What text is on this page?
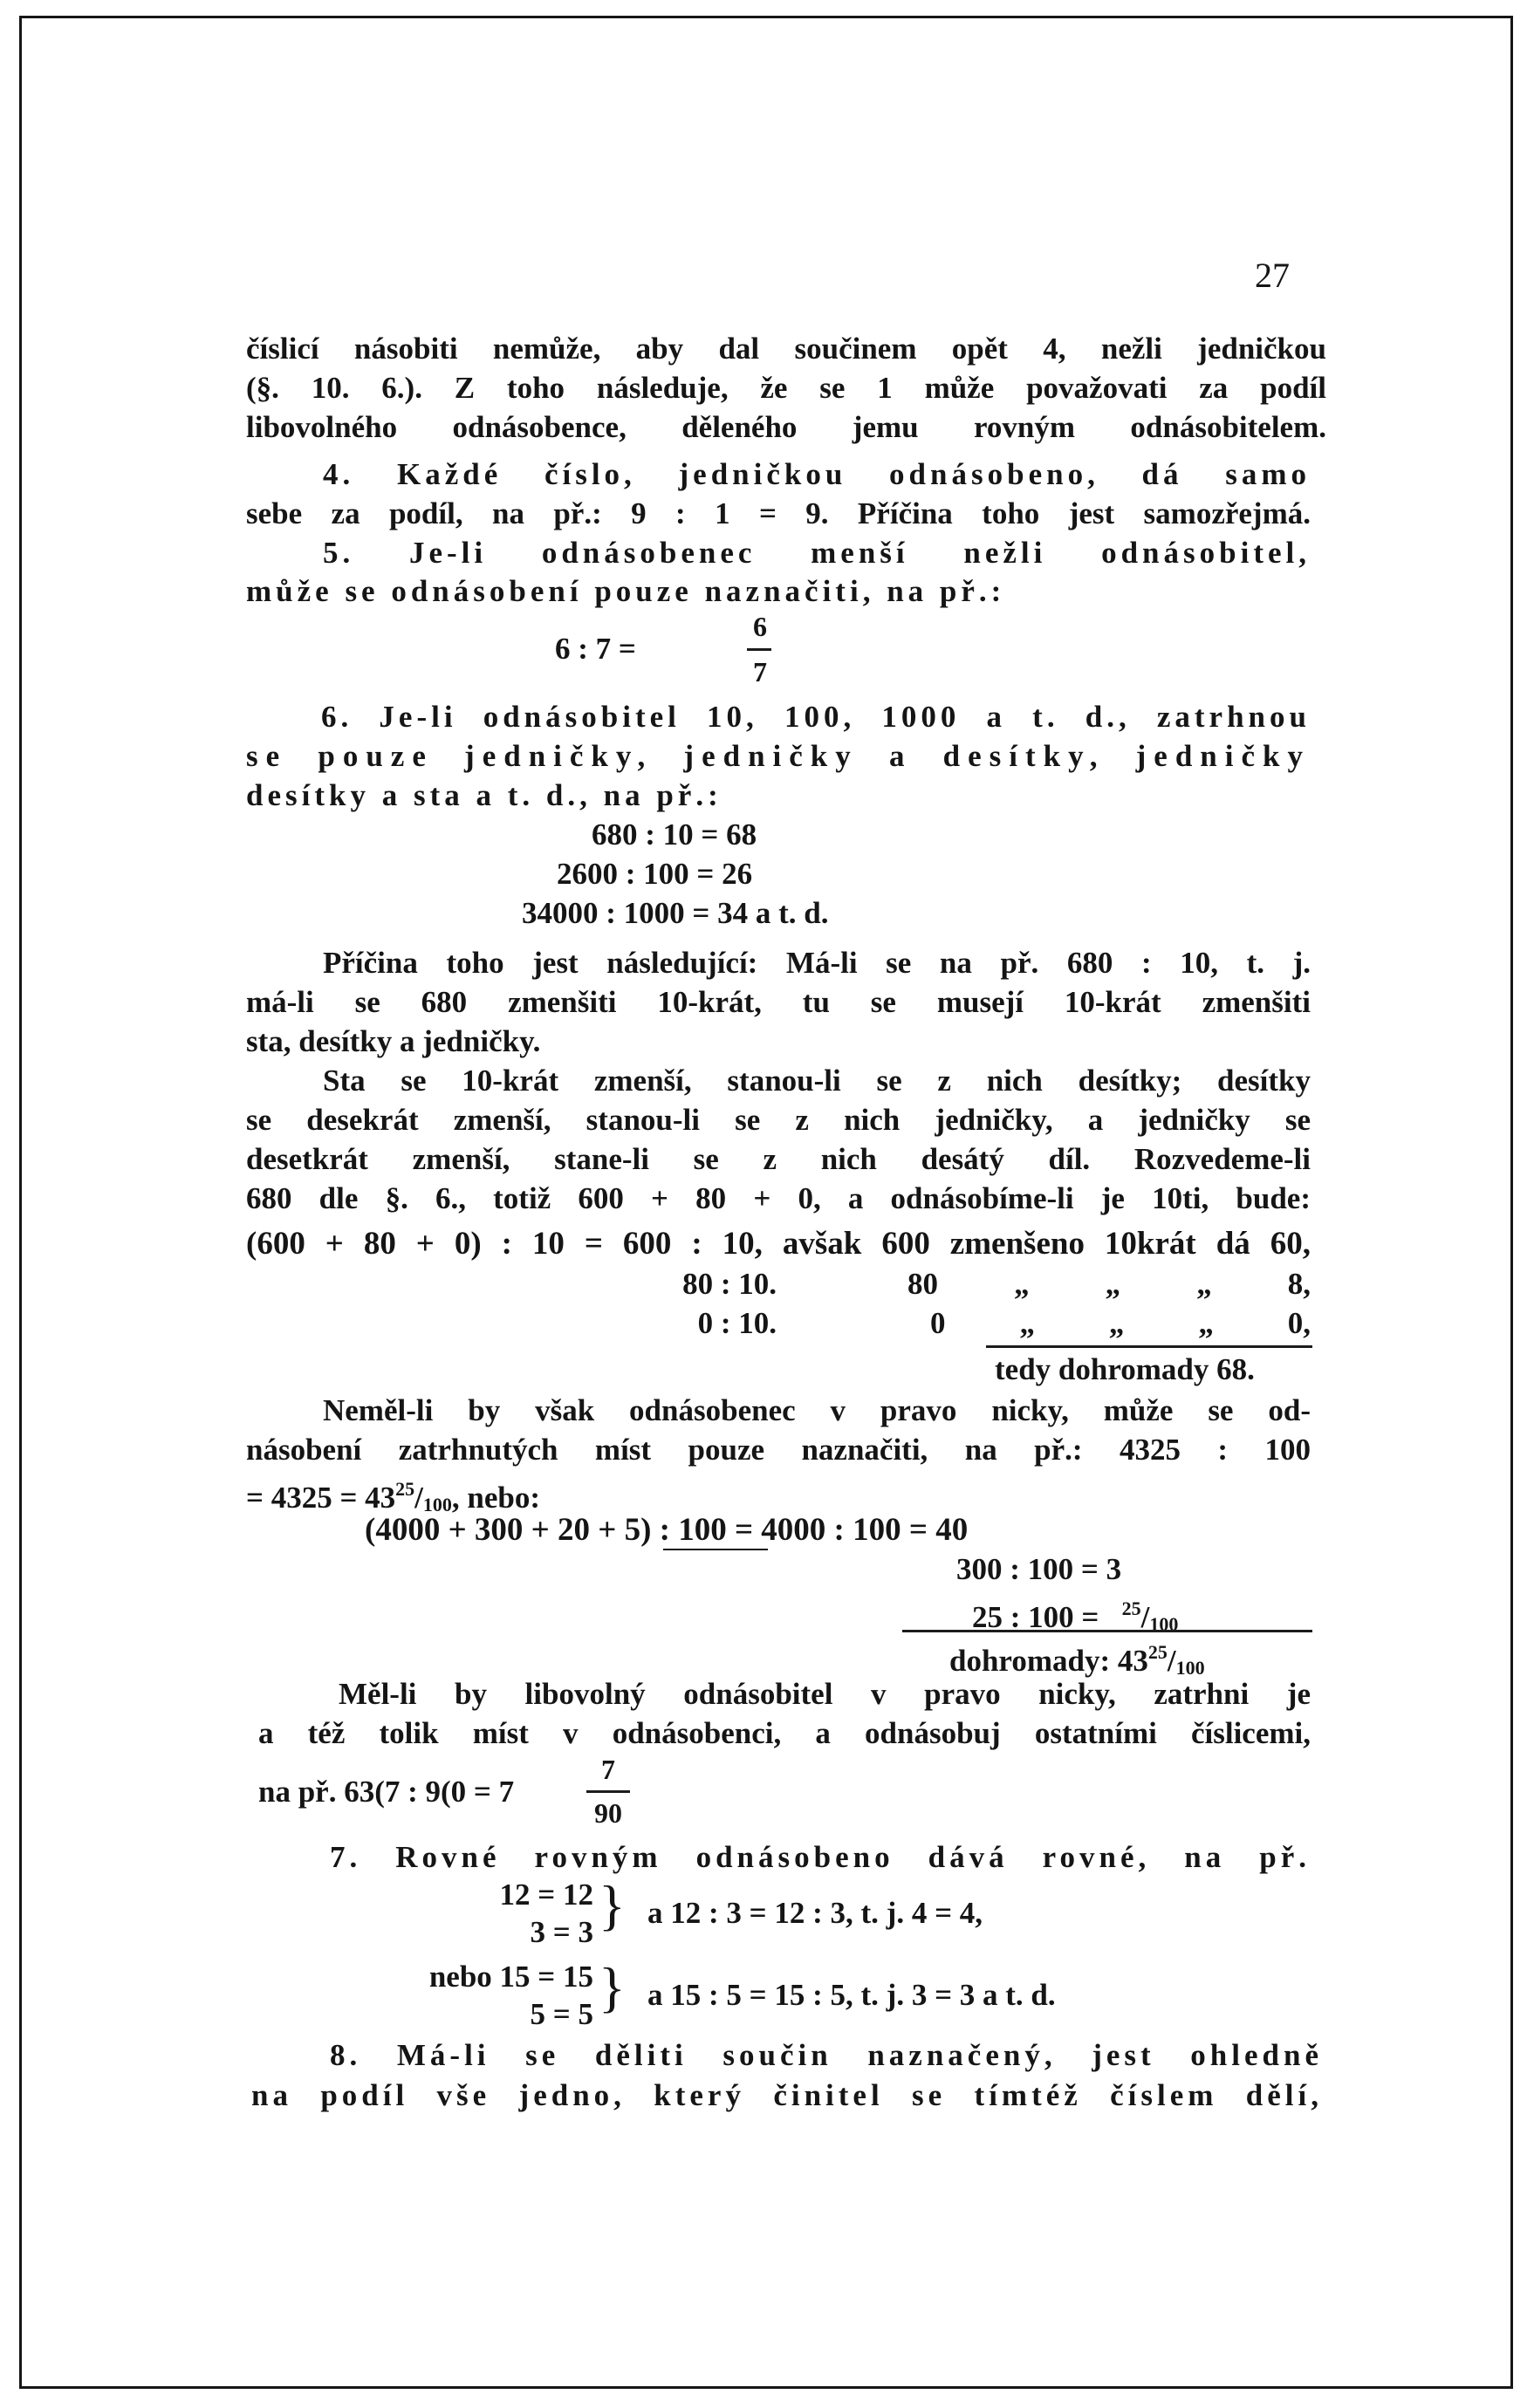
27
číslicí násobiti nemůže, aby dal součinem opět 4, nežli jedničkou
(§. 10. 6.). Z toho následuje, že se 1 může považovati za podíl
libovolného odnásobence, děleného jemu rovným odnásobitelem.
4. Každé číslo, jedničkou odnásobeno, dá samo
sebe za podíl, na př.: 9 : 1 = 9. Příčina toho jest samozřejmá.
5. Je-li odnásobenec menší nežli odnásobitel,
může se odnásobení pouze naznačiti, na př.:
6 : 7 =
6
7
6. Je-li odnásobitel 10, 100, 1000 a t. d., zatrhnou
se pouze jedničky, jedničky a desítky, jedničky
desítky a sta a t. d., na př.:
680 : 10 = 68
2600 : 100 = 26
34000 : 1000 = 34 a t. d.
Příčina toho jest následující: Má-li se na př. 680 : 10, t. j.
má-li se 680 zmenšiti 10-krát, tu se musejí 10-krát zmenšiti
sta, desítky a jedničky.
Sta se 10-krát zmenší, stanou-li se z nich desítky; desítky
se desekrát zmenší, stanou-li se z nich jedničky, a jedničky se
desetkrát zmenší, stane-li se z nich desátý díl. Rozvedeme-li
680 dle §. 6., totiž 600 + 80 + 0, a odnásobíme-li je 10ti, bude:
(600 + 80 + 0) : 10 = 600 : 10, avšak 600 zmenšeno 10krát dá 60,
80 : 10.	80 „ „ „ 8,
0 : 10.	0 „ „ „ 0,
tedy dohromady 68.
Neměl-li by však odnásobenec v pravo nicky, může se od-
násobení zatrhnutých míst pouze naznačiti, na př.: 4325 : 100
= $4325 = 43^{25}/_{100}$, nebo:
(4000 + 300 + 20 + 5) : 100 = 4000 : 100 = 40
300 : 100 = 3
25 : $100 = ^{25}/_{100}$
dohromady: $43^{25}/_{100}$
Měl-li by libovolný odnásobitel v pravo nicky, zatrhni je
a též tolik míst v odnásobenci, a odnásobuj ostatními číslicemi,
na př. 63(7 : 9(0 = 7
7
90
7. Rovné rovným odnásobeno dává rovné, na př.
12 = 12
3 = 3 } a 12 : 3 = 12 : 3, t. j. 4 = 4,
nebo 15 = 15
5 = 5 } a 15 : 5 = 15 : 5, t. j. 3 = 3 a t. d.
8. Má-li se děliti součin naznačený, jest ohledně
na podíl vše jedno, který činitel se tímtéž číslem dělí,
